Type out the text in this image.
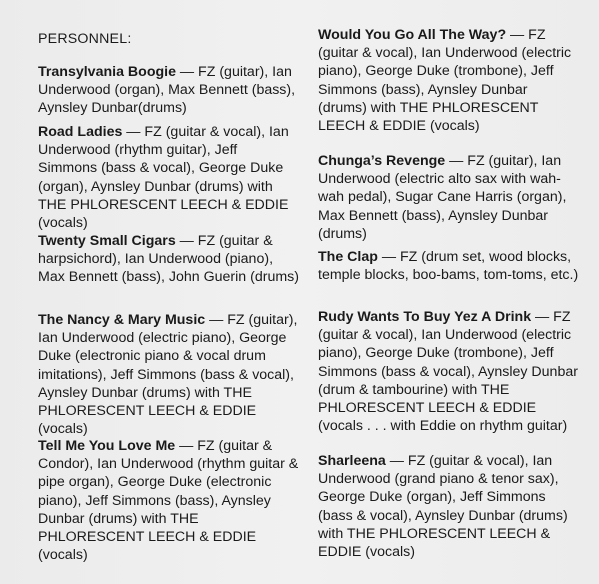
PERSONNEL:
Transylvania Boogie — FZ (guitar), Ian Underwood (organ), Max Bennett (bass), Aynsley Dunbar(drums)
Road Ladies — FZ (guitar & vocal), Ian Underwood (rhythm guitar), Jeff Simmons (bass & vocal), George Duke (organ), Aynsley Dunbar (drums) with THE PHLORESCENT LEECH & EDDIE (vocals)
Twenty Small Cigars — FZ (guitar & harpsichord), Ian Underwood (piano), Max Bennett (bass), John Guerin (drums)
The Nancy & Mary Music — FZ (guitar), Ian Underwood (electric piano), George Duke (electronic piano & vocal drum imitations), Jeff Simmons (bass & vocal), Aynsley Dunbar (drums) with THE PHLORESCENT LEECH & EDDIE (vocals)
Tell Me You Love Me — FZ (guitar & Condor), Ian Underwood (rhythm guitar & pipe organ), George Duke (electronic piano), Jeff Simmons (bass), Aynsley Dunbar (drums) with THE PHLORESCENT LEECH & EDDIE (vocals)
Would You Go All The Way? — FZ (guitar & vocal), Ian Underwood (electric piano), George Duke (trombone), Jeff Simmons (bass), Aynsley Dunbar (drums) with THE PHLORESCENT LEECH & EDDIE (vocals)
Chunga’s Revenge — FZ (guitar), Ian Underwood (electric alto sax with wah-wah pedal), Sugar Cane Harris (organ), Max Bennett (bass), Aynsley Dunbar (drums)
The Clap — FZ (drum set, wood blocks, temple blocks, boo-bams, tom-toms, etc.)
Rudy Wants To Buy Yez A Drink — FZ (guitar & vocal), Ian Underwood (electric piano), George Duke (trombone), Jeff Simmons (bass & vocal), Aynsley Dunbar (drum & tambourine) with THE PHLORESCENT LEECH & EDDIE (vocals . . . with Eddie on rhythm guitar)
Sharleena — FZ (guitar & vocal), Ian Underwood (grand piano & tenor sax), George Duke (organ), Jeff Simmons (bass & vocal), Aynsley Dunbar (drums) with THE PHLORESCENT LEECH & EDDIE (vocals)
